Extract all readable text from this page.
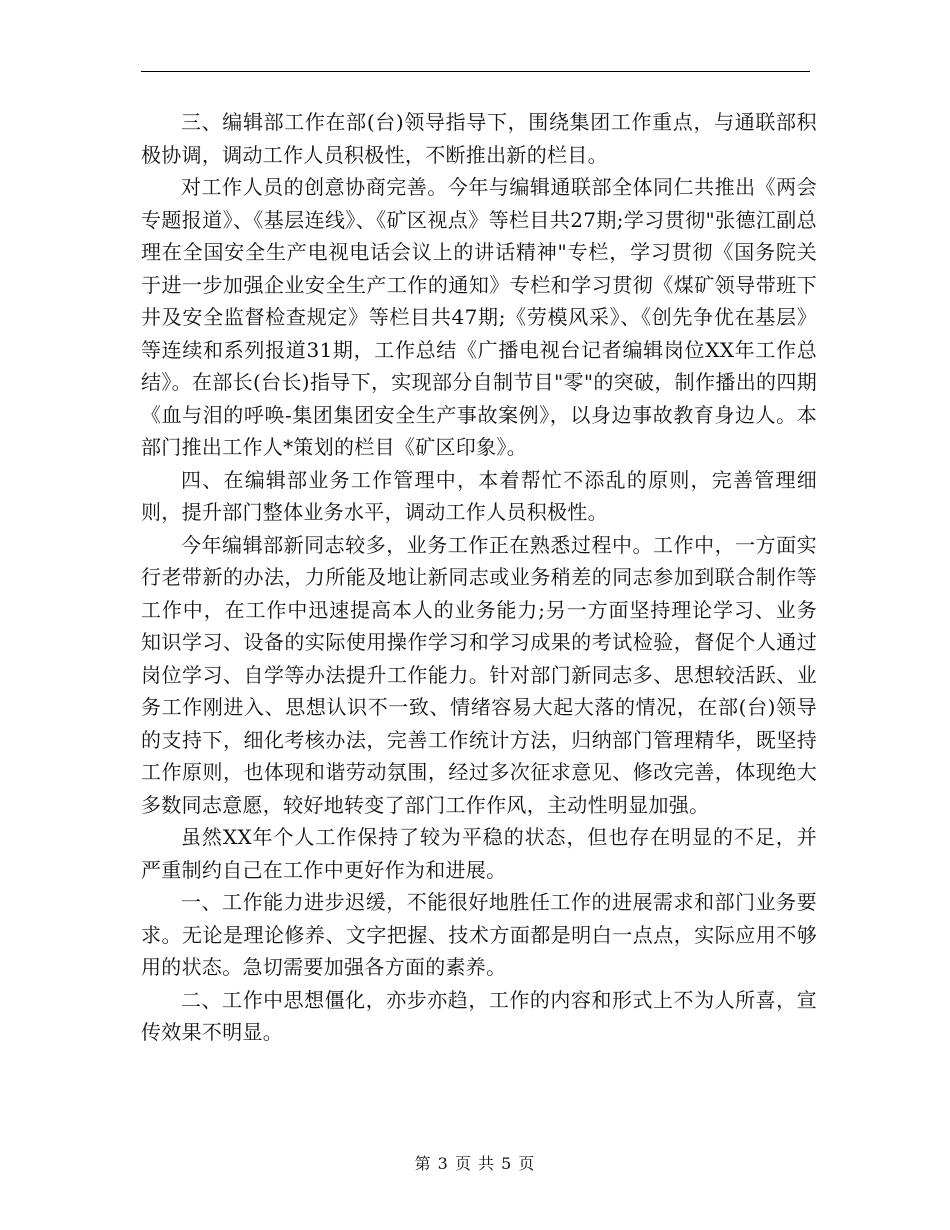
三、编辑部工作在部(台)领导指导下，围绕集团工作重点，与通联部积极协调，调动工作人员积极性，不断推出新的栏目。

对工作人员的创意协商完善。今年与编辑通联部全体同仁共推出《两会专题报道》、《基层连线》、《矿区视点》等栏目共27期;学习贯彻"张德江副总理在全国安全生产电视电话会议上的讲话精神"专栏，学习贯彻《国务院关于进一步加强企业安全生产工作的通知》专栏和学习贯彻《煤矿领导带班下井及安全监督检查规定》等栏目共47期;《劳模风采》、《创先争优在基层》等连续和系列报道31期，工作总结《广播电视台记者编辑岗位XX年工作总结》。在部长(台长)指导下，实现部分自制节目"零"的突破，制作播出的四期《血与泪的呼唤-集团集团安全生产事故案例》，以身边事故教育身边人。本部门推出工作人*策划的栏目《矿区印象》。

四、在编辑部业务工作管理中，本着帮忙不添乱的原则，完善管理细则，提升部门整体业务水平，调动工作人员积极性。

今年编辑部新同志较多，业务工作正在熟悉过程中。工作中，一方面实行老带新的办法，力所能及地让新同志或业务稍差的同志参加到联合制作等工作中，在工作中迅速提高本人的业务能力;另一方面坚持理论学习、业务知识学习、设备的实际使用操作学习和学习成果的考试检验，督促个人通过岗位学习、自学等办法提升工作能力。针对部门新同志多、思想较活跃、业务工作刚进入、思想认识不一致、情绪容易大起大落的情况，在部(台)领导的支持下，细化考核办法，完善工作统计方法，归纳部门管理精华，既坚持工作原则，也体现和谐劳动氛围，经过多次征求意见、修改完善，体现绝大多数同志意愿，较好地转变了部门工作作风，主动性明显加强。

虽然XX年个人工作保持了较为平稳的状态，但也存在明显的不足，并严重制约自己在工作中更好作为和进展。

一、工作能力进步迟缓，不能很好地胜任工作的进展需求和部门业务要求。无论是理论修养、文字把握、技术方面都是明白一点点，实际应用不够用的状态。急切需要加强各方面的素养。

二、工作中思想僵化，亦步亦趋，工作的内容和形式上不为人所喜，宣传效果不明显。

第 3 页 共 5 页
